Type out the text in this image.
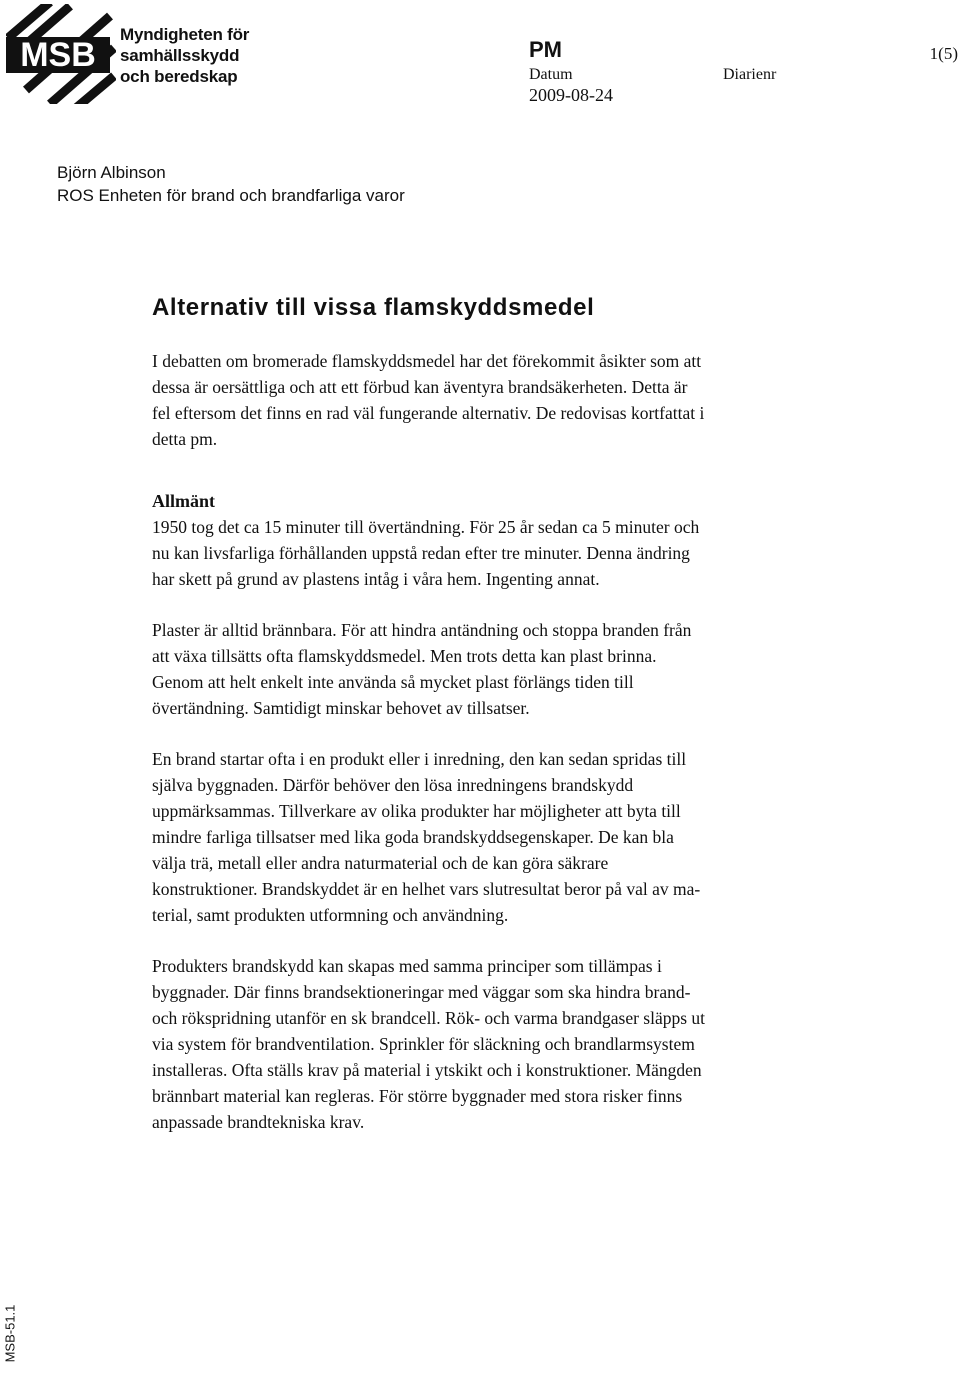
MSB
Myndigheten för
samhällsskydd
och beredskap
PM	1(5)
Datum	Diarienr
2009-08-24
Björn Albinson
ROS Enheten för brand och brandfarliga varor
Alternativ till vissa flamskyddsmedel
I debatten om bromerade flamskyddsmedel har det förekommit åsikter som att
dessa är oersättliga och att ett förbud kan äventyra brandsäkerheten. Detta är
fel eftersom det finns en rad väl fungerande alternativ. De redovisas kortfattat i
detta pm.
Allmänt
1950 tog det ca 15 minuter till övertändning. För 25 år sedan ca 5 minuter och
nu kan livsfarliga förhållanden uppstå redan efter tre minuter. Denna ändring
har skett på grund av plastens intåg i våra hem. Ingenting annat.
Plaster är alltid brännbara. För att hindra antändning och stoppa branden från
att växa tillsätts ofta flamskyddsmedel. Men trots detta kan plast brinna.
Genom att helt enkelt inte använda så mycket plast förlängs tiden till
övertändning. Samtidigt minskar behovet av tillsatser.
En brand startar ofta i en produkt eller i inredning, den kan sedan spridas till
själva byggnaden. Därför behöver den lösa inredningens brandskydd
uppmärksammas. Tillverkare av olika produkter har möjligheter att byta till
mindre farliga tillsatser med lika goda brandskyddsegenskaper. De kan bla
välja trä, metall eller andra naturmaterial och de kan göra säkrare
konstruktioner. Brandskyddet är en helhet vars slutresultat beror på val av ma-
terial, samt produkten utformning och användning.
Produkters brandskydd kan skapas med samma principer som tillämpas i
byggnader. Där finns brandsektioneringar med väggar som ska hindra brand-
och rökspridning utanför en sk brandcell. Rök- och varma brandgaser släpps ut
via system för brandventilation. Sprinkler för släckning och brandlarmsystem
installeras. Ofta ställs krav på material i ytskikt och i konstruktioner. Mängden
brännbart material kan regleras. För större byggnader med stora risker finns
anpassade brandtekniska krav.
MSB-51.1
